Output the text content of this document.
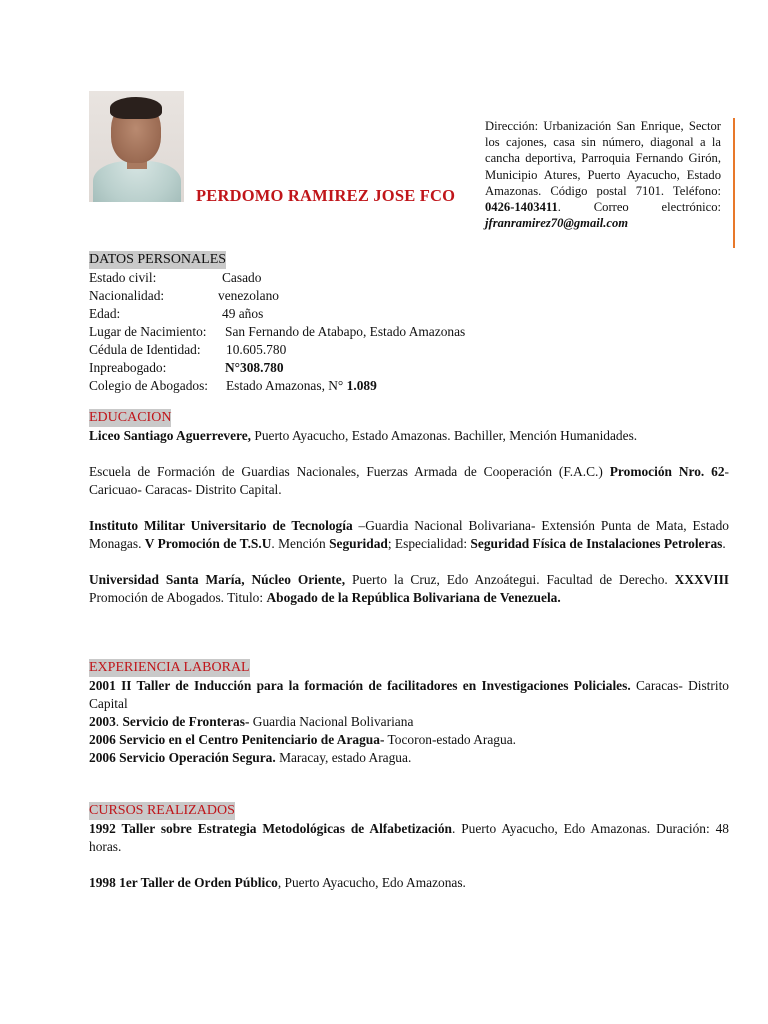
PERDOMO RAMIREZ JOSE FCO
Dirección: Urbanización San Enrique, Sector los cajones, casa sin número, diagonal a la cancha deportiva, Parroquia Fernando Girón, Municipio Atures, Puerto Ayacucho, Estado Amazonas. Código postal 7101. Teléfono: 0426-1403411. Correo electrónico: jfranramirez70@gmail.com
DATOS PERSONALES
Estado civil:	Casado
Nacionalidad:	venezolano
Edad:	49 años
Lugar de Nacimiento: San Fernando de Atabapo, Estado Amazonas
Cédula de Identidad: 10.605.780
Inpreabogado:	N°308.780
Colegio de Abogados: Estado Amazonas, N° 1.089
EDUCACION

Liceo Santiago Aguerrevere, Puerto Ayacucho, Estado Amazonas. Bachiller, Mención Humanidades.

Escuela de Formación de Guardias Nacionales, Fuerzas Armada de Cooperación (F.A.C.) Promoción Nro. 62- Caricuao- Caracas- Distrito Capital.

Instituto Militar Universitario de Tecnología –Guardia Nacional Bolivariana- Extensión Punta de Mata, Estado Monagas. V Promoción de T.S.U. Mención Seguridad; Especialidad: Seguridad Física de Instalaciones Petroleras.

Universidad Santa María, Núcleo Oriente, Puerto la Cruz, Edo Anzoátegui. Facultad de Derecho. XXXVIII Promoción de Abogados. Titulo: Abogado de la República Bolivariana de Venezuela.

EXPERIENCIA LABORAL

2001 II Taller de Inducción para la formación de facilitadores en Investigaciones Policiales. Caracas- Distrito Capital

2003. Servicio de Fronteras- Guardia Nacional Bolivariana

2006 Servicio en el Centro Penitenciario de Aragua- Tocoron-estado Aragua.

2006 Servicio Operación Segura. Maracay, estado Aragua.

CURSOS REALIZADOS

1992 Taller sobre Estrategia Metodológicas de Alfabetización. Puerto Ayacucho, Edo Amazonas. Duración: 48 horas.

1998 1er Taller de Orden Público, Puerto Ayacucho, Edo Amazonas.
